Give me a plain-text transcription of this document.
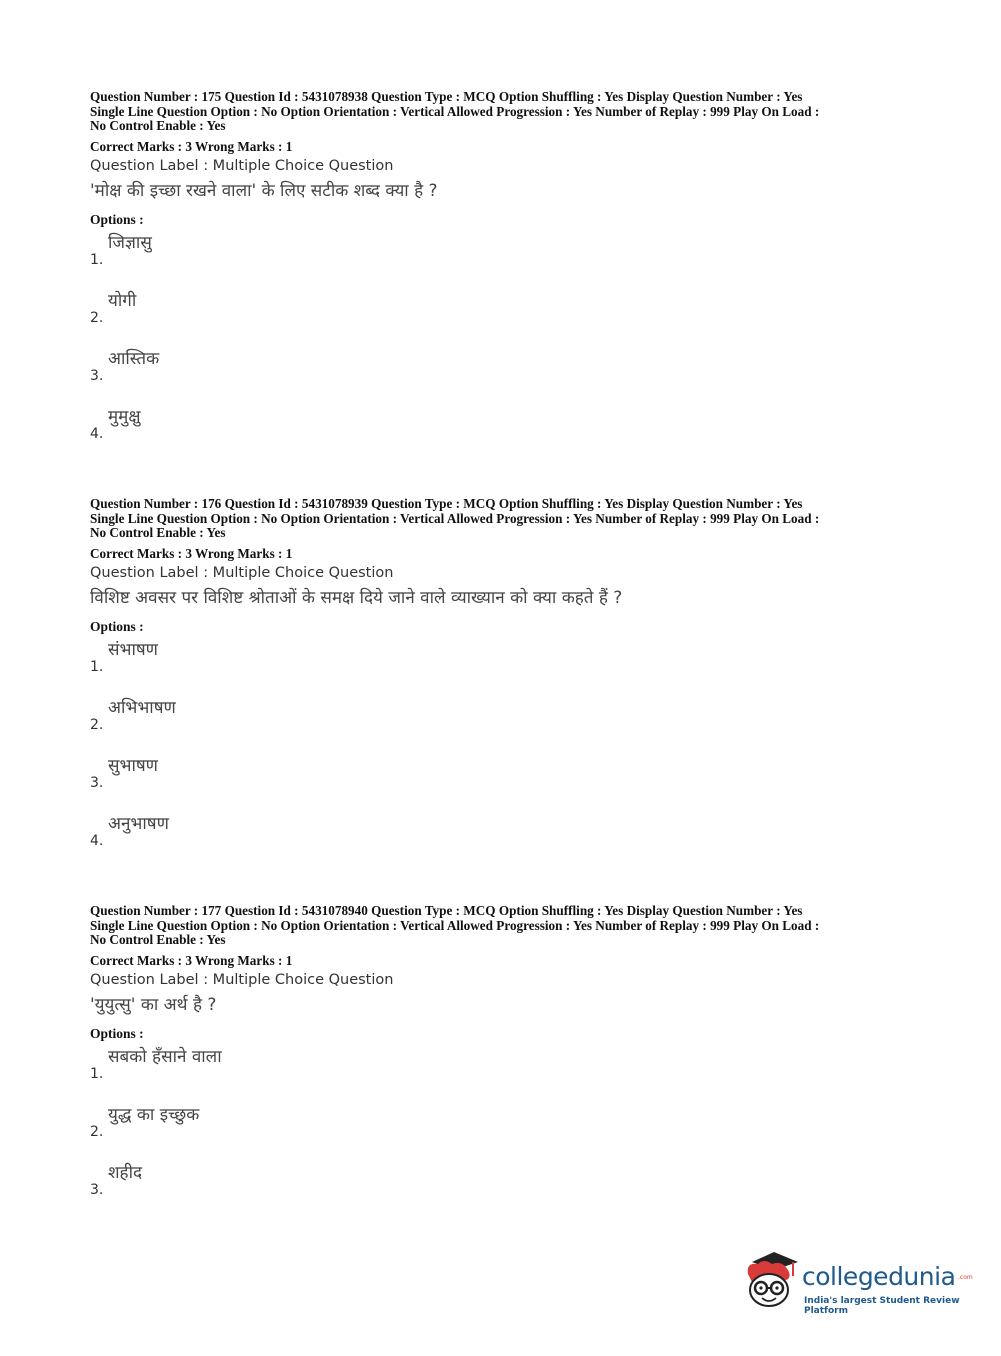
Question Number : 175 Question Id : 5431078938 Question Type : MCQ Option Shuffling : Yes Display Question Number : Yes
Single Line Question Option : No Option Orientation : Vertical Allowed Progression : Yes Number of Replay : 999 Play On Load :
No Control Enable : Yes
Correct Marks : 3 Wrong Marks : 1
Question Label : Multiple Choice Question
'मोक्ष की इच्छा रखने वाला' के लिए सटीक शब्द क्या है ?
Options :
1.
जिज्ञासु
2.
योगी
3.
आस्तिक
4.
मुमुक्षु
Question Number : 176 Question Id : 5431078939 Question Type : MCQ Option Shuffling : Yes Display Question Number : Yes
Single Line Question Option : No Option Orientation : Vertical Allowed Progression : Yes Number of Replay : 999 Play On Load :
No Control Enable : Yes
Correct Marks : 3 Wrong Marks : 1
Question Label : Multiple Choice Question
विशिष्ट अवसर पर विशिष्ट श्रोताओं के समक्ष दिये जाने वाले व्याख्यान को क्या कहते हैं ?
Options :
1.
संभाषण
2.
अभिभाषण
3.
सुभाषण
4.
अनुभाषण
Question Number : 177 Question Id : 5431078940 Question Type : MCQ Option Shuffling : Yes Display Question Number : Yes
Single Line Question Option : No Option Orientation : Vertical Allowed Progression : Yes Number of Replay : 999 Play On Load :
No Control Enable : Yes
Correct Marks : 3 Wrong Marks : 1
Question Label : Multiple Choice Question
'युयुत्सु' का अर्थ है ?
Options :
1.
सबको हँसाने वाला
2.
युद्ध का इच्छुक
3.
शहीद
collegedunia .com
India's largest Student Review Platform
